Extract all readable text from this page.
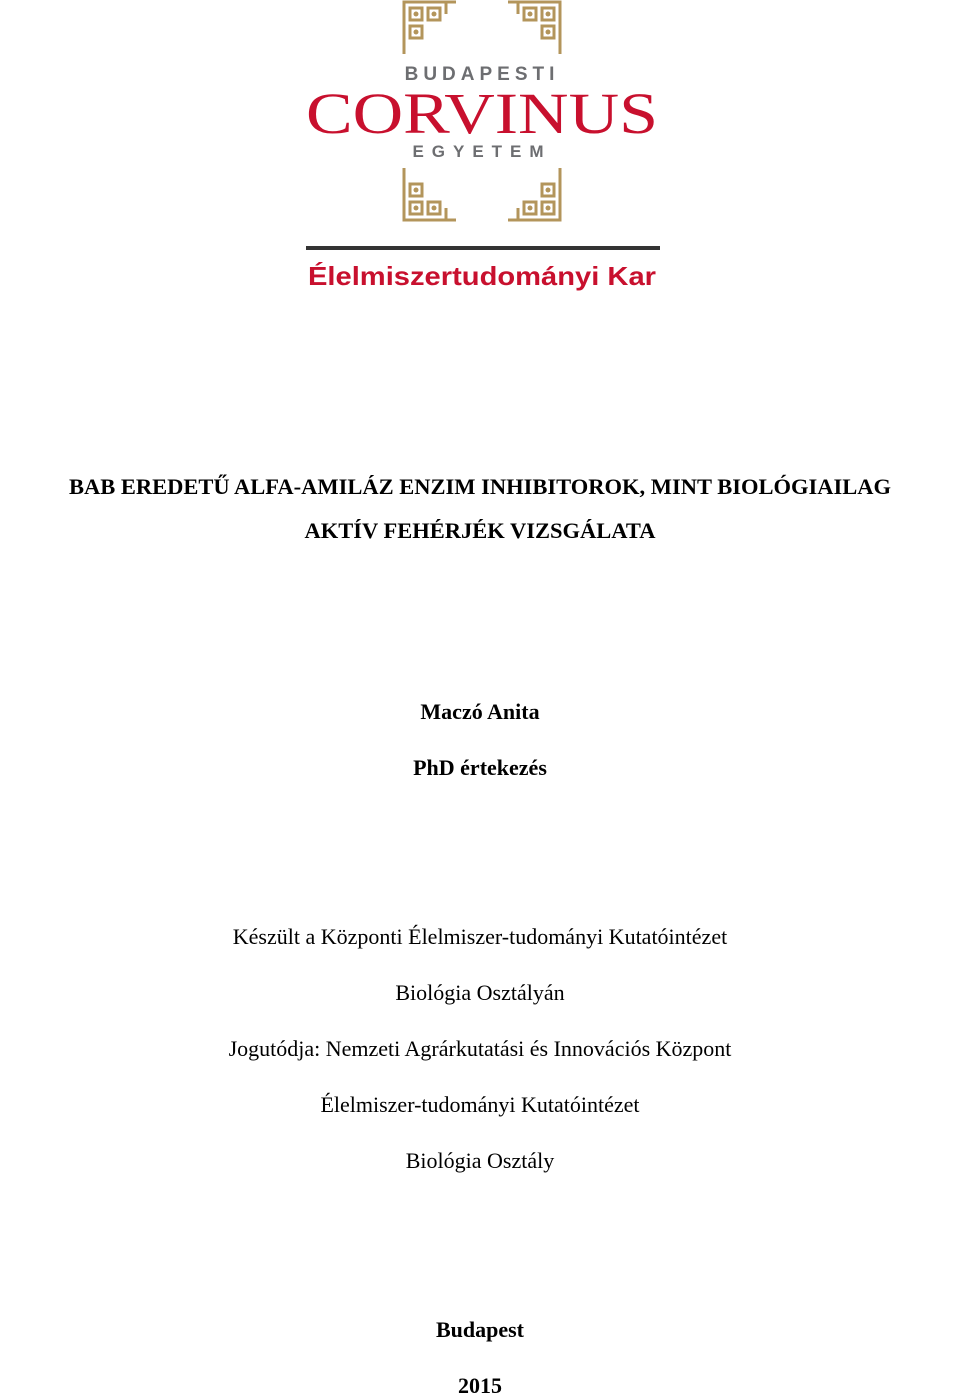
BUDAPESTI
CORVINUS
EGYETEM
Élelmiszertudományi Kar
BAB EREDETŰ ALFA-AMILÁZ ENZIM INHIBITOROK, MINT BIOLÓGIAILAG
AKTÍV FEHÉRJÉK VIZSGÁLATA
Maczó Anita
PhD értekezés
Készült a Központi Élelmiszer-tudományi Kutatóintézet
Biológia Osztályán
Jogutódja: Nemzeti Agrárkutatási és Innovációs Központ
Élelmiszer-tudományi Kutatóintézet
Biológia Osztály
Budapest
2015
